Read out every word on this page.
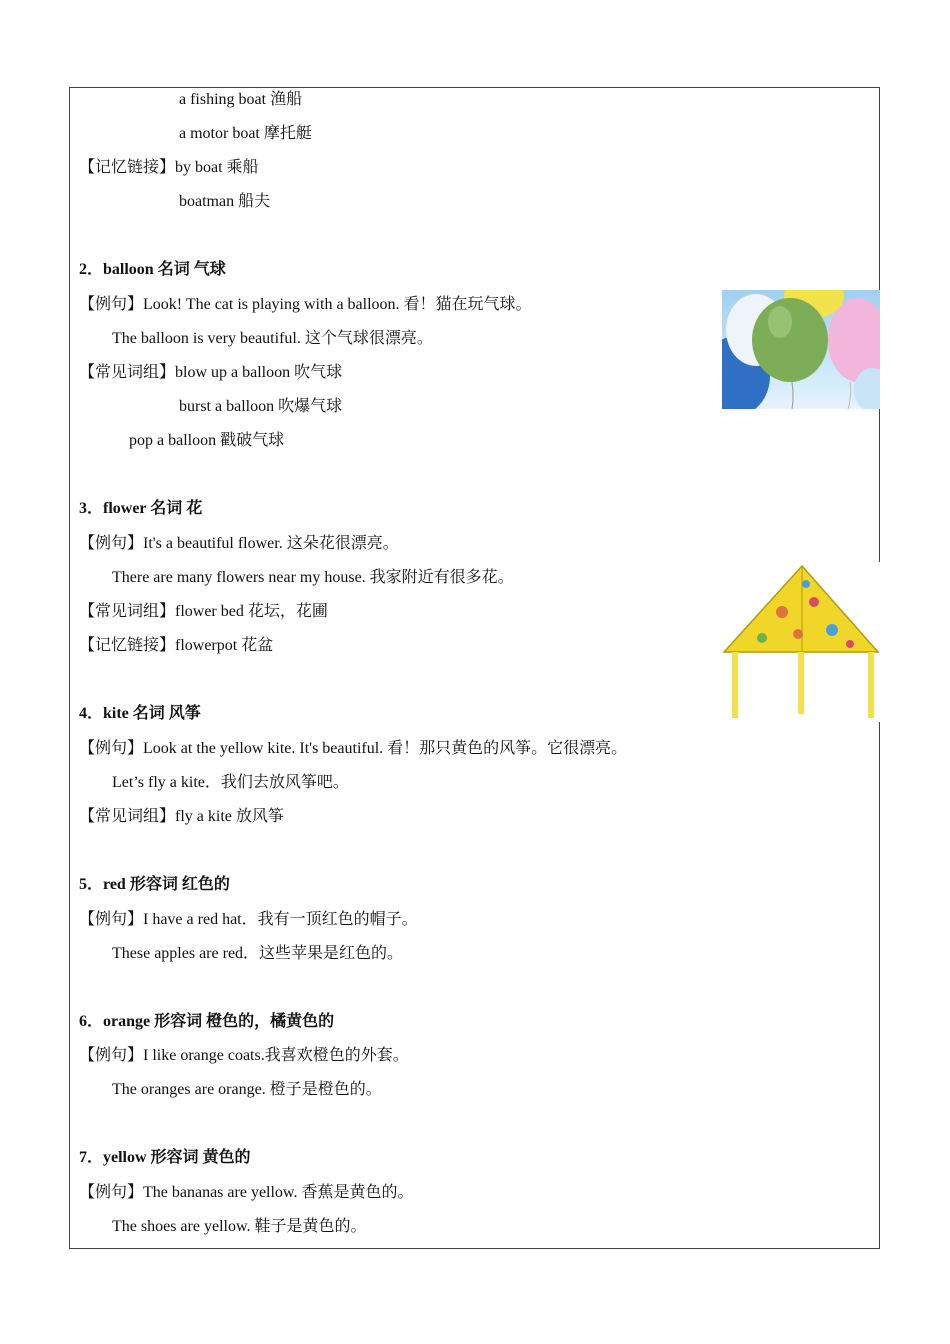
a fishing boat 渔船
a motor boat 摩托艇
【记忆链接】by boat 乘船
boatman 船夫
2．balloon 名词 气球
【例句】Look! The cat is playing with a balloon. 看！猫在玩气球。
The balloon is very beautiful. 这个气球很漂亮。
【常见词组】blow up a balloon 吹气球
burst a balloon 吹爆气球
pop a balloon 戳破气球
3．flower 名词 花
【例句】It's a beautiful flower. 这朵花很漂亮。
There are many flowers near my house. 我家附近有很多花。
【常见词组】flower bed 花坛，花圃
【记忆链接】flowerpot 花盆
4．kite 名词 风筝
【例句】Look at the yellow kite. It's beautiful. 看！那只黄色的风筝。它很漂亮。
Let’s fly a kite．我们去放风筝吧。
【常见词组】fly a kite 放风筝
5．red 形容词 红色的
【例句】I have a red hat．我有一顶红色的帽子。
These apples are red．这些苹果是红色的。
6．orange 形容词 橙色的，橘黄色的
【例句】I like orange coats.我喜欢橙色的外套。
The oranges are orange. 橙子是橙色的。
7．yellow 形容词 黄色的
【例句】The bananas are yellow. 香蕉是黄色的。
The shoes are yellow. 鞋子是黄色的。
